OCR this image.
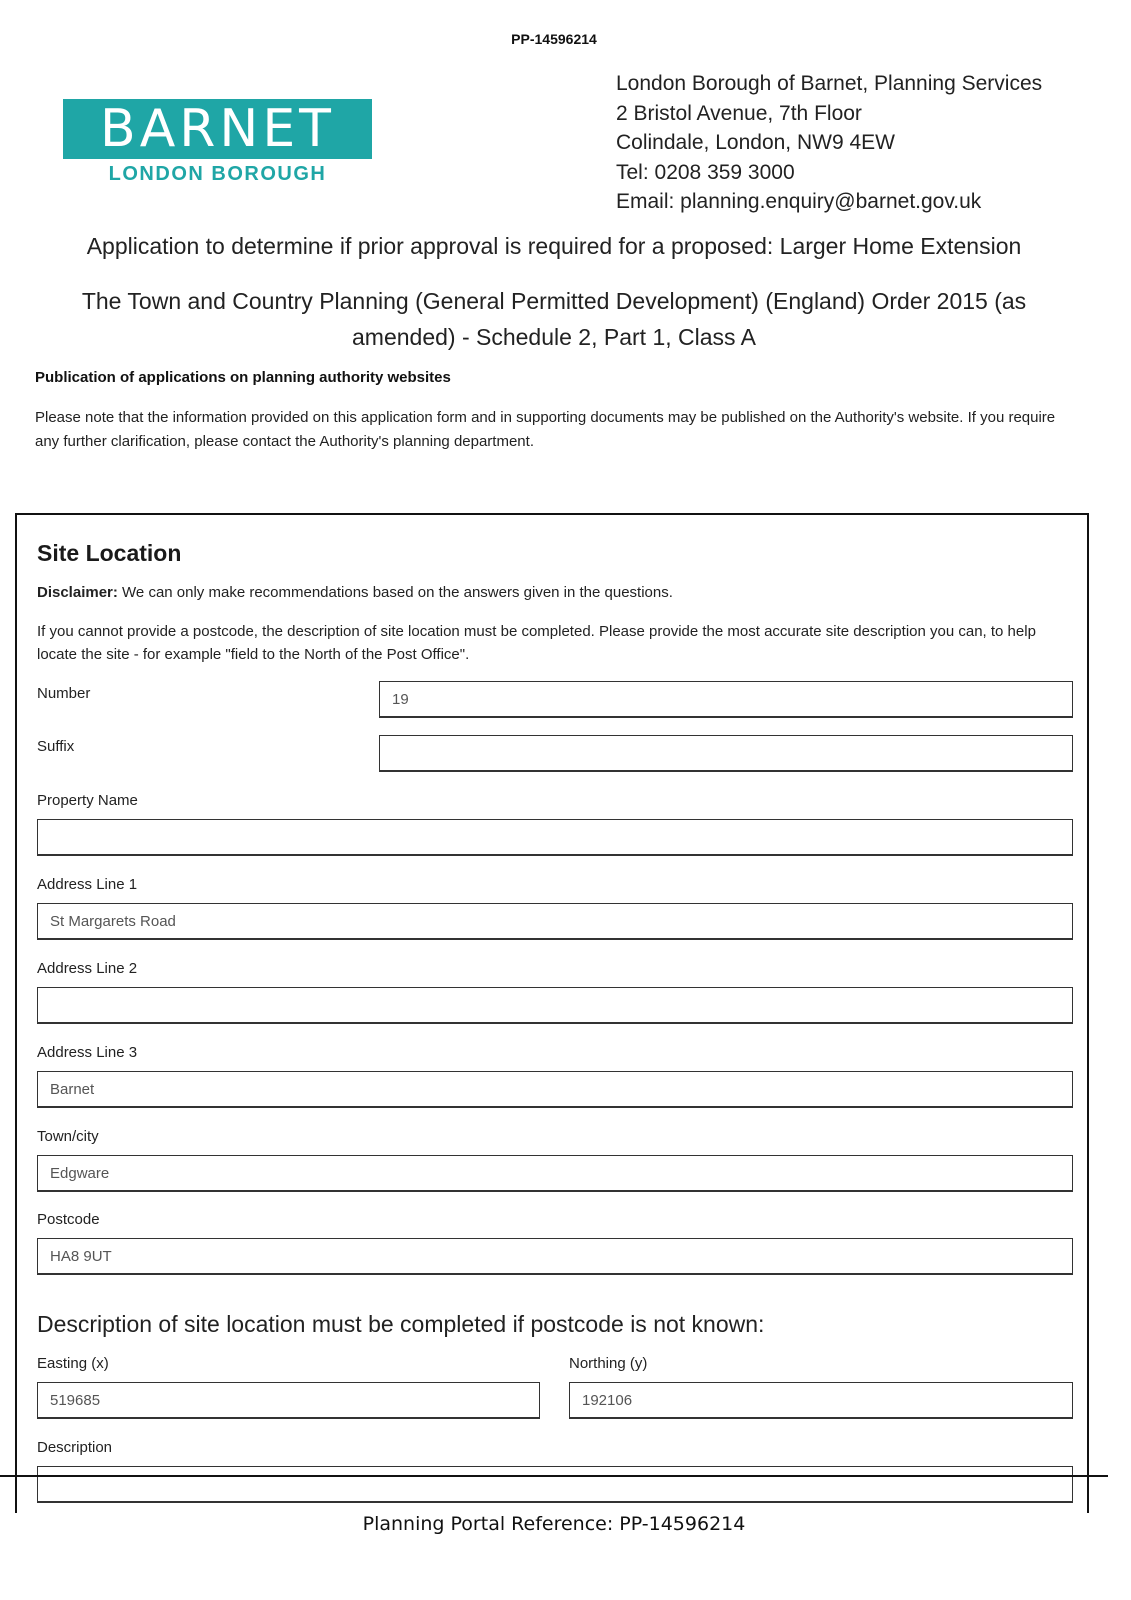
PP-14596214
BARNET
LONDON BOROUGH
London Borough of Barnet, Planning Services
2 Bristol Avenue, 7th Floor
Colindale, London, NW9 4EW
Tel: 0208 359 3000
Email: planning.enquiry@barnet.gov.uk
Application to determine if prior approval is required for a proposed: Larger Home Extension
The Town and Country Planning (General Permitted Development) (England) Order 2015 (as
amended) - Schedule 2, Part 1, Class A
Publication of applications on planning authority websites
Please note that the information provided on this application form and in supporting documents may be published on the Authority's website. If you require any further clarification, please contact the Authority's planning department.
Site Location
Disclaimer: We can only make recommendations based on the answers given in the questions.
If you cannot provide a postcode, the description of site location must be completed. Please provide the most accurate site description you can, to help locate the site - for example "field to the North of the Post Office".
Number	19
Suffix
Property Name
Address Line 1
St Margarets Road
Address Line 2
Address Line 3
Barnet
Town/city
Edgware
Postcode
HA8 9UT
Description of site location must be completed if postcode is not known:
Easting (x)
519685
Northing (y)
192106
Description
Planning Portal Reference: PP-14596214
